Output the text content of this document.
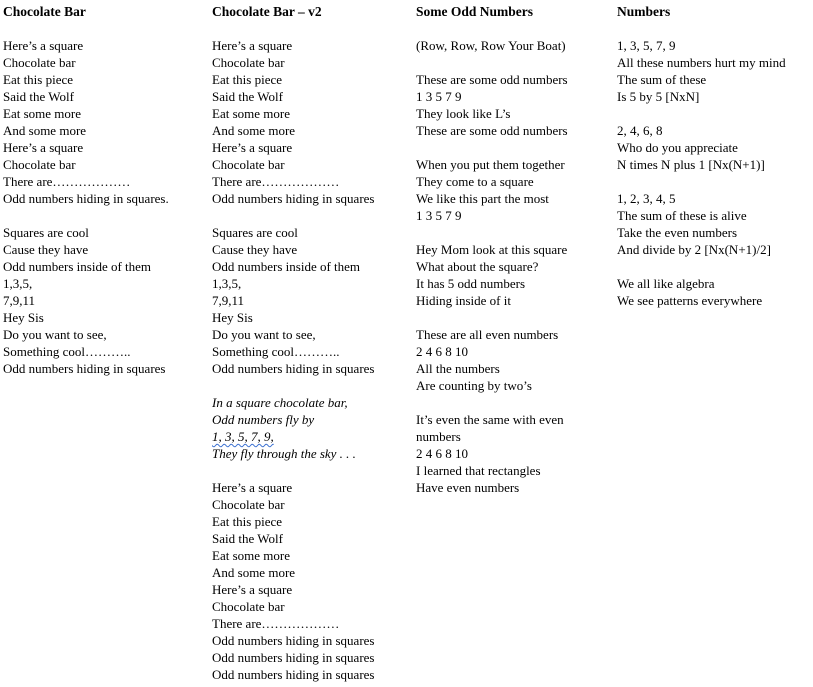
Chocolate Bar
Here’s a square
Chocolate bar
Eat this piece
Said the Wolf
Eat some more
And some more
Here’s a square
Chocolate bar
There are………………
Odd numbers hiding in squares.
Squares are cool
Cause they have
Odd numbers inside of them
1,3,5,
7,9,11
Hey Sis
Do you want to see,
Something cool………..
Odd numbers hiding in squares
Chocolate Bar – v2
Here’s a square
Chocolate bar
Eat this piece
Said the Wolf
Eat some more
And some more
Here’s a square
Chocolate bar
There are………………
Odd numbers hiding in squares
Squares are cool
Cause they have
Odd numbers inside of them
1,3,5,
7,9,11
Hey Sis
Do you want to see,
Something cool………..
Odd numbers hiding in squares
In a square chocolate bar,
Odd numbers fly by
1, 3, 5, 7, 9,
They fly through the sky . . .
Here’s a square
Chocolate bar
Eat this piece
Said the Wolf
Eat some more
And some more
Here’s a square
Chocolate bar
There are………………
Odd numbers hiding in squares
Odd numbers hiding in squares
Odd numbers hiding in squares
Some Odd Numbers
(Row, Row, Row Your Boat)
These are some odd numbers
1 3 5 7 9
They look like L’s
These are some odd numbers
When you put them together
They come to a square
We like this part the most
1 3 5 7 9
Hey Mom look at this square
What about the square?
It has 5 odd numbers
Hiding inside of it
These are all even numbers
2 4 6 8 10
All the numbers
Are counting by two’s
It’s even the same with even
numbers
2 4 6 8 10
I learned that rectangles
Have even numbers
Numbers
1, 3, 5, 7, 9
All these numbers hurt my mind
The sum of these
Is 5 by 5 [NxN]
2, 4, 6, 8
Who do you appreciate
N times N plus 1 [Nx(N+1)]
1, 2, 3, 4, 5
The sum of these is alive
Take the even numbers
And divide by 2 [Nx(N+1)/2]
We all like algebra
We see patterns everywhere
